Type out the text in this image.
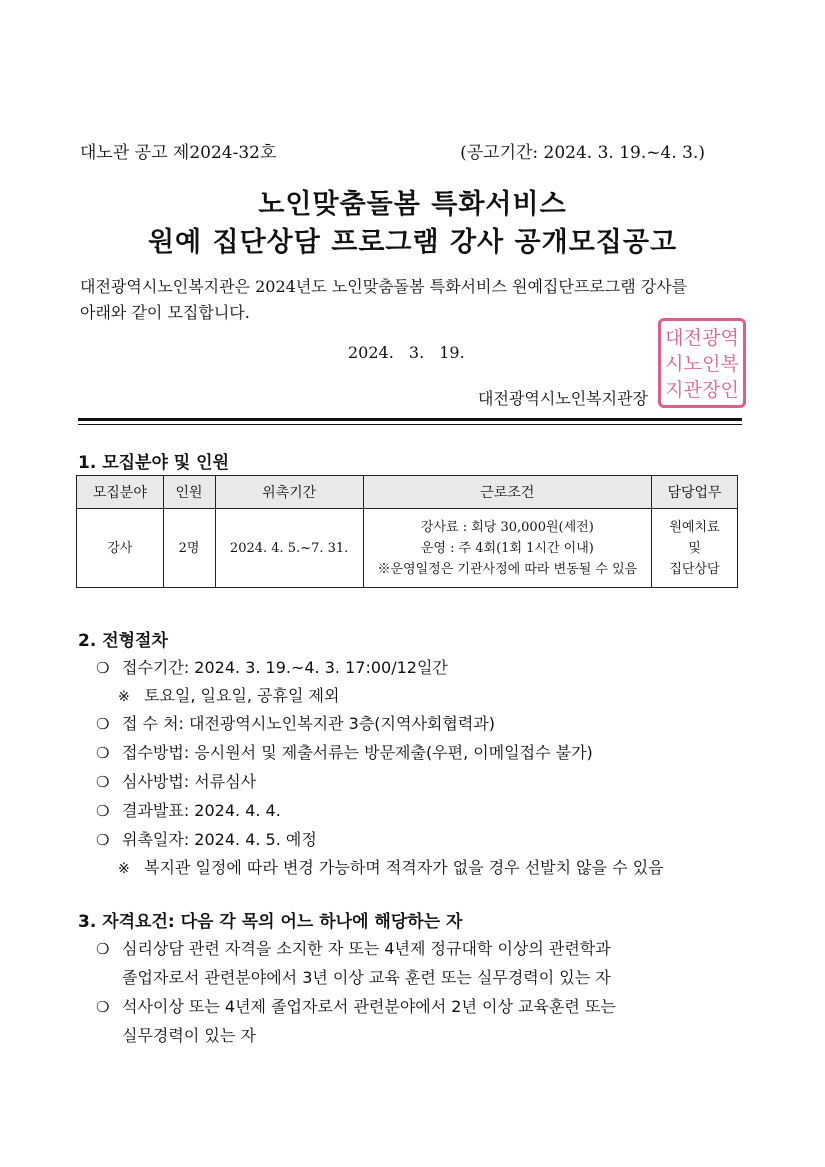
대노관 공고 제2024-32호	(공고기간: 2024. 3. 19.~4. 3.)
노인맞춤돌봄 특화서비스
원예 집단상담 프로그램 강사 공개모집공고
대전광역시노인복지관은 2024년도 노인맞춤돌봄 특화서비스 원예집단프로그램 강사를
아래와 같이 모집합니다.
2024. 3. 19.
대전광역시노인복지관장
대전 광역
시노 인복
지관 장인
1. 모집분야 및 인원
모집분야	인원	위촉기간	근로조건	담당업무
강사	2명	2024. 4. 5.~7. 31.	강사료 : 회당 30,000원(세전)
운영 : 주 4회(1회 1시간 이내)
※운영일정은 기관사정에 따라 변동될 수 있음	원예치료
및
집단상담
2. 전형절차
❍ 접수기간: 2024. 3. 19.~4. 3. 17:00/12일간
※ 토요일, 일요일, 공휴일 제외
❍ 접 수 처: 대전광역시노인복지관 3층(지역사회협력과)
❍ 접수방법: 응시원서 및 제출서류는 방문제출(우편, 이메일접수 불가)
❍ 심사방법: 서류심사
❍ 결과발표: 2024. 4. 4.
❍ 위촉일자: 2024. 4. 5. 예정
※ 복지관 일정에 따라 변경 가능하며 적격자가 없을 경우 선발치 않을 수 있음
3. 자격요건: 다음 각 목의 어느 하나에 해당하는 자
❍ 심리상담 관련 자격을 소지한 자 또는 4년제 정규대학 이상의 관련학과
졸업자로서 관련분야에서 3년 이상 교육 훈련 또는 실무경력이 있는 자
❍ 석사이상 또는 4년제 졸업자로서 관련분야에서 2년 이상 교육훈련 또는
실무경력이 있는 자
